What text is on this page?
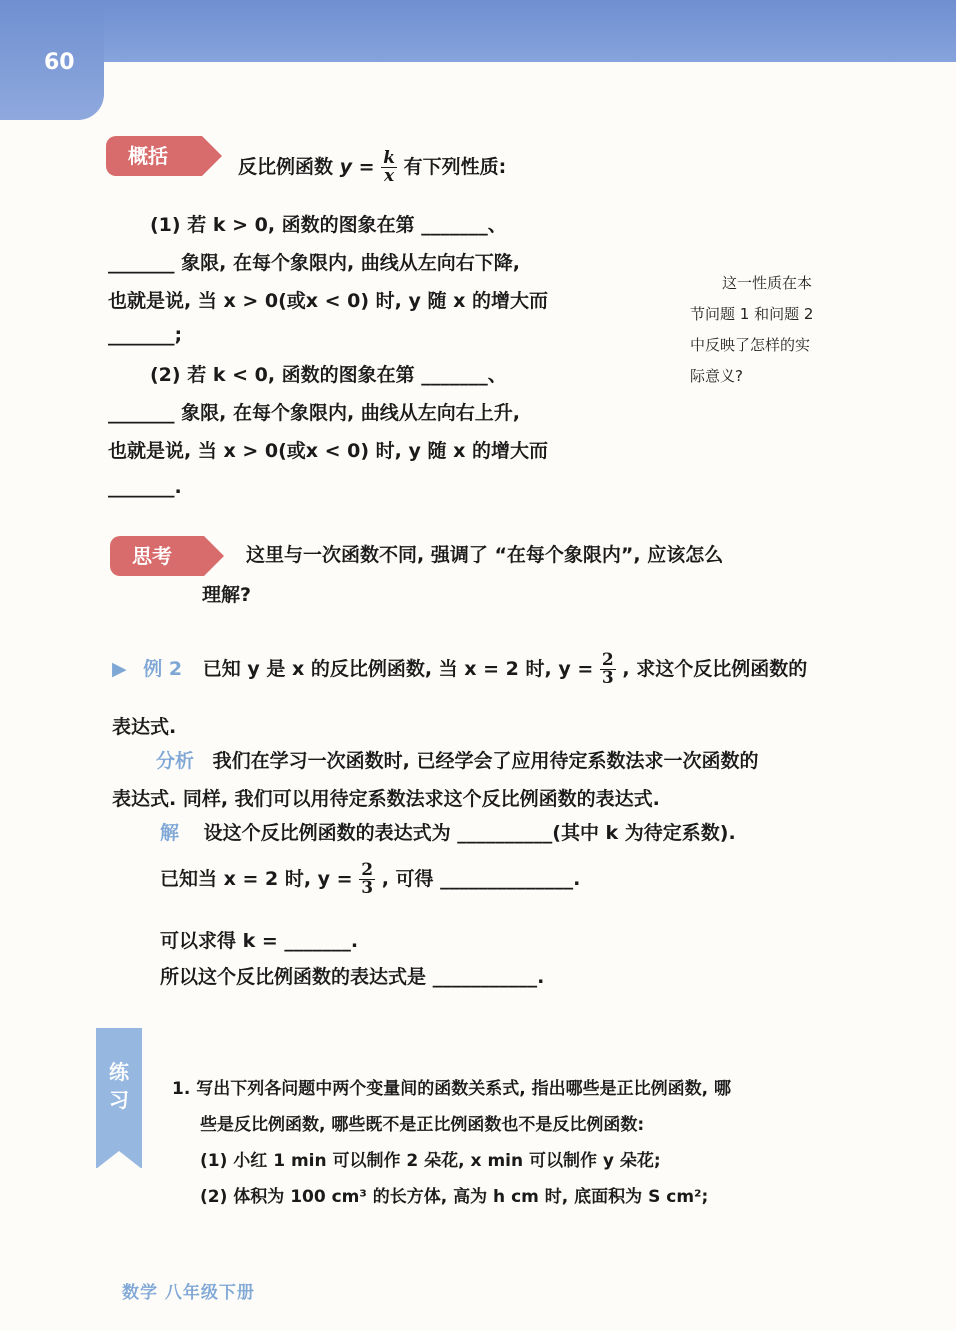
60
概括	反比例函数 $y = \frac{k}{x}$ 有下列性质:
(1) 若 k > 0, 函数的图象在第 _______、
_______ 象限, 在每个象限内, 曲线从左向右下降,
也就是说, 当 x > 0(或x < 0) 时, y 随 x 的增大而
_______;
(2) 若 k < 0, 函数的图象在第 _______、
_______ 象限, 在每个象限内, 曲线从左向右上升,
也就是说, 当 x > 0(或x < 0) 时, y 随 x 的增大而
_______.
这一性质在本
节问题 1 和问题 2
中反映了怎样的实
际意义?
思考	这里与一次函数不同, 强调了 “在每个象限内”, 应该怎么
理解?
▶ 例 2 已知 y 是 x 的反比例函数, 当 x = 2 时, $y = \frac{2}{3}$ , 求这个反比例函数的
表达式.
分析 我们在学习一次函数时, 已经学会了应用待定系数法求一次函数的
表达式. 同样, 我们可以用待定系数法求这个反比例函数的表达式.
解 设这个反比例函数的表达式为 __________(其中 k 为待定系数).
已知当 x = 2 时, $y = \frac{2}{3}$ , 可得 ______________.
可以求得 k = _______.
所以这个反比例函数的表达式是 ___________.
练习	1. 写出下列各问题中两个变量间的函数关系式, 指出哪些是正比例函数, 哪
些是反比例函数, 哪些既不是正比例函数也不是反比例函数:
(1) 小红 1 min 可以制作 2 朵花, x min 可以制作 y 朵花;
(2) 体积为 100 cm³ 的长方体, 高为 h cm 时, 底面积为 S cm²;
数学 八年级下册
